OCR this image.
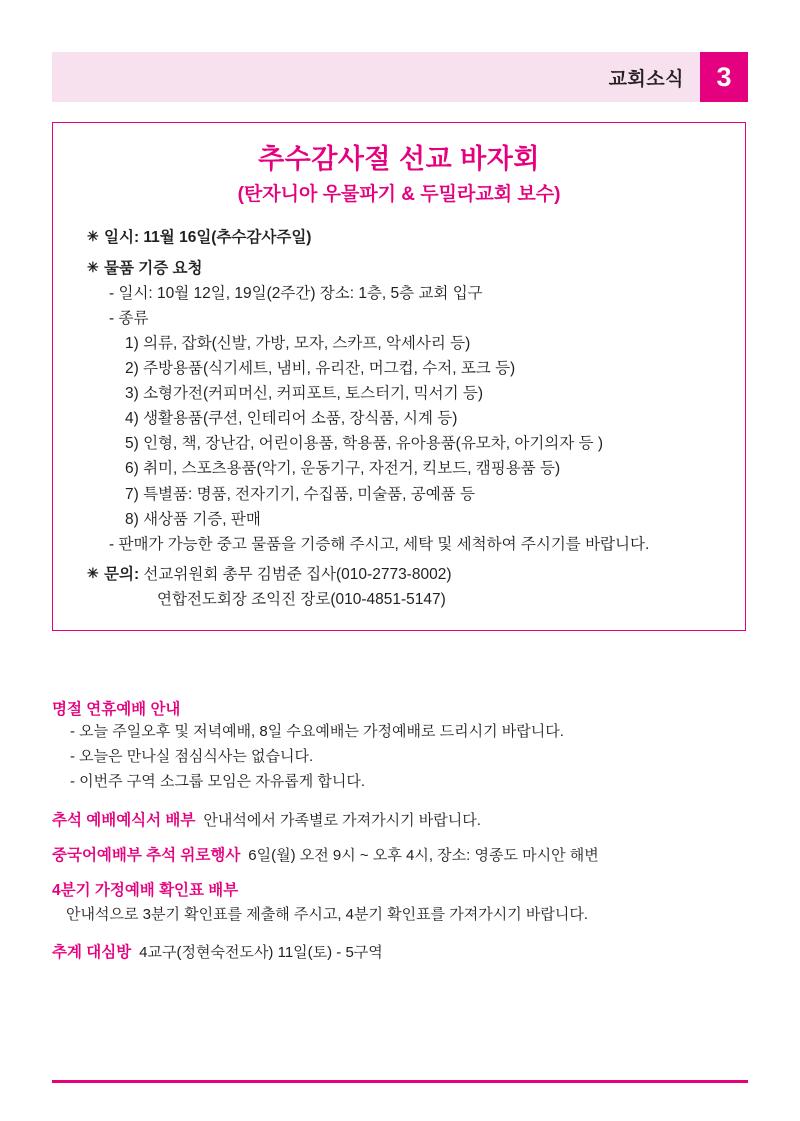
교회소식	3
추수감사절 선교 바자회
(탄자니아 우물파기 & 두밀라교회 보수)
✳ 일시: 11월 16일(추수감사주일)
✳ 물품 기증 요청
- 일시: 10월 12일, 19일(2주간) 장소: 1층, 5층 교회 입구
- 종류
1) 의류, 잡화(신발, 가방, 모자, 스카프, 악세사리 등)
2) 주방용품(식기세트, 냄비, 유리잔, 머그컵, 수저, 포크 등)
3) 소형가전(커피머신, 커피포트, 토스터기, 믹서기 등)
4) 생활용품(쿠션, 인테리어 소품, 장식품, 시계 등)
5) 인형, 책, 장난감, 어린이용품, 학용품, 유아용품(유모차, 아기의자 등 )
6) 취미, 스포츠용품(악기, 운동기구, 자전거, 킥보드, 캠핑용품 등)
7) 특별품: 명품, 전자기기, 수집품, 미술품, 공예품 등
8) 새상품 기증, 판매
- 판매가 가능한 중고 물품을 기증해 주시고, 세탁 및 세척하여 주시기를 바랍니다.
✳ 문의: 선교위원회 총무 김범준 집사(010-2773-8002)
연합전도회장 조익진 장로(010-4851-5147)
명절 연휴예배 안내
- 오늘 주일오후 및 저녁예배, 8일 수요예배는 가정예배로 드리시기 바랍니다.
- 오늘은 만나실 점심식사는 없습니다.
- 이번주 구역 소그룹 모임은 자유롭게 합니다.
추석 예배예식서 배부 안내석에서 가족별로 가져가시기 바랍니다.
중국어예배부 추석 위로행사 6일(월) 오전 9시 ~ 오후 4시, 장소: 영종도 마시안 해변
4분기 가정예배 확인표 배부
안내석으로 3분기 확인표를 제출해 주시고, 4분기 확인표를 가져가시기 바랍니다.
추계 대심방 4교구(정현숙전도사) 11일(토) - 5구역
